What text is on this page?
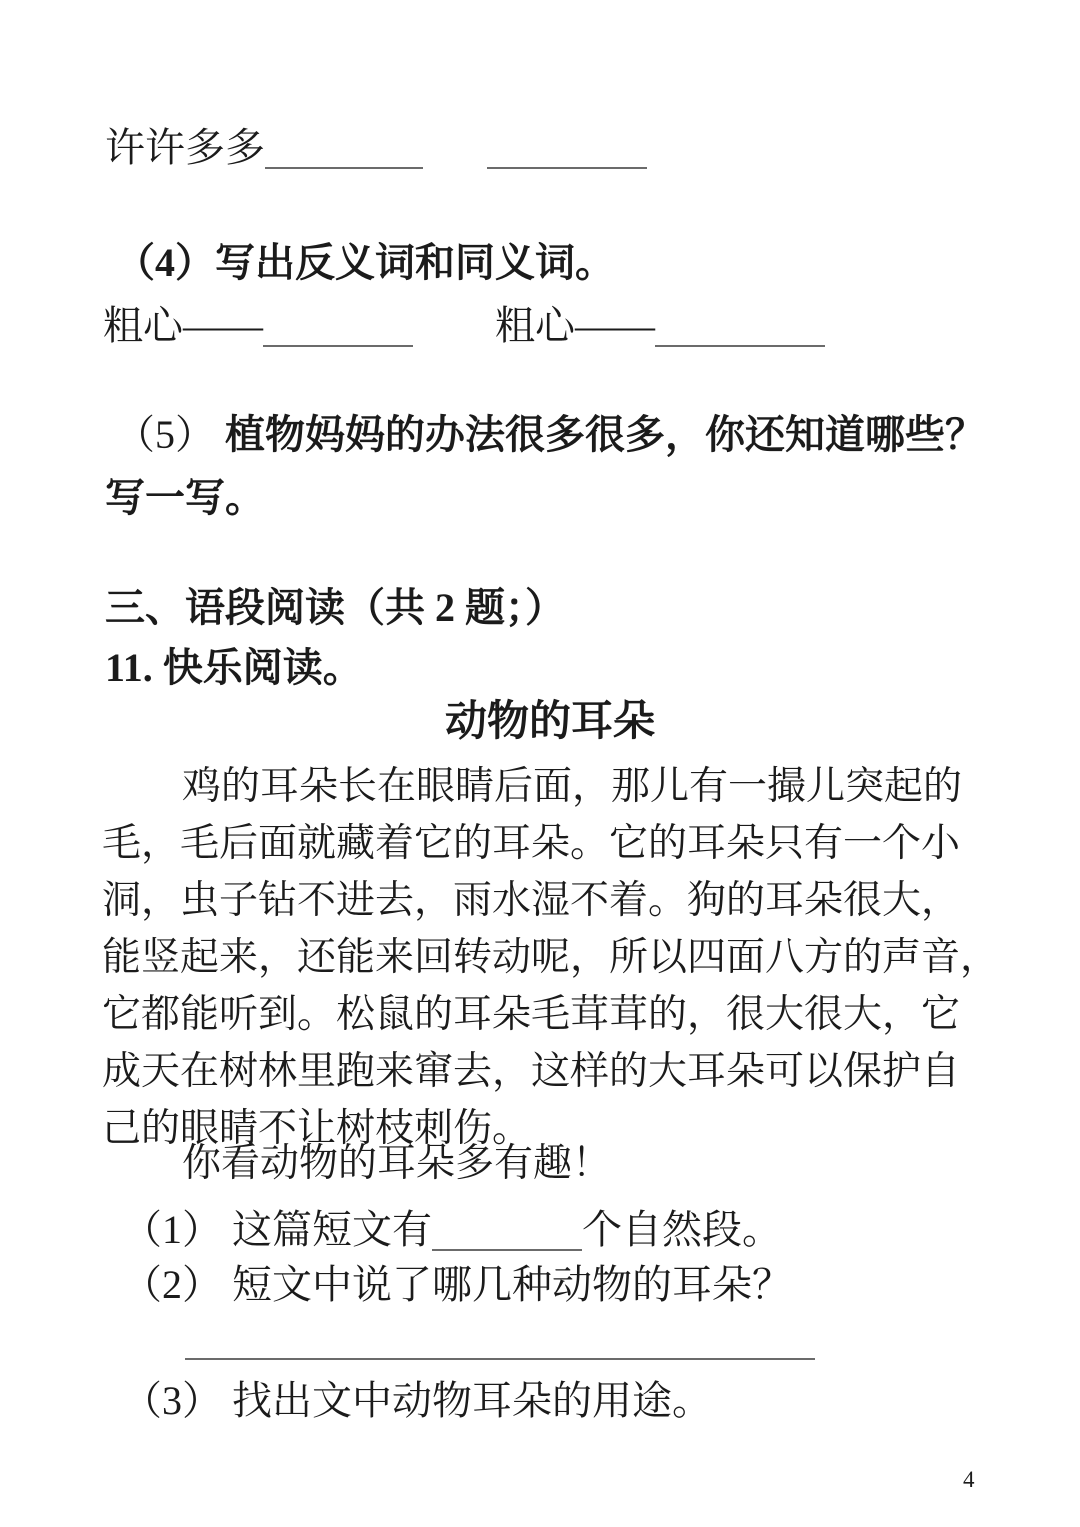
许许多多
（4）写出反义词和同义词。
粗心——	粗心——
（5） 植物妈妈的办法很多很多，你还知道哪些？
写一写。
三、语段阅读（共 2 题；）
11. 快乐阅读。
动物的耳朵
鸡的耳朵长在眼睛后面，那儿有一撮儿突起的
毛，毛后面就藏着它的耳朵。它的耳朵只有一个小
洞，虫子钻不进去，雨水湿不着。狗的耳朵很大，
能竖起来，还能来回转动呢，所以四面八方的声音，
它都能听到。松鼠的耳朵毛茸茸的，很大很大，它
成天在树林里跑来窜去，这样的大耳朵可以保护自
己的眼睛不让树枝刺伤。
你看动物的耳朵多有趣！
（1） 这篇短文有	个自然段。
（2） 短文中说了哪几种动物的耳朵？
（3） 找出文中动物耳朵的用途。
4
